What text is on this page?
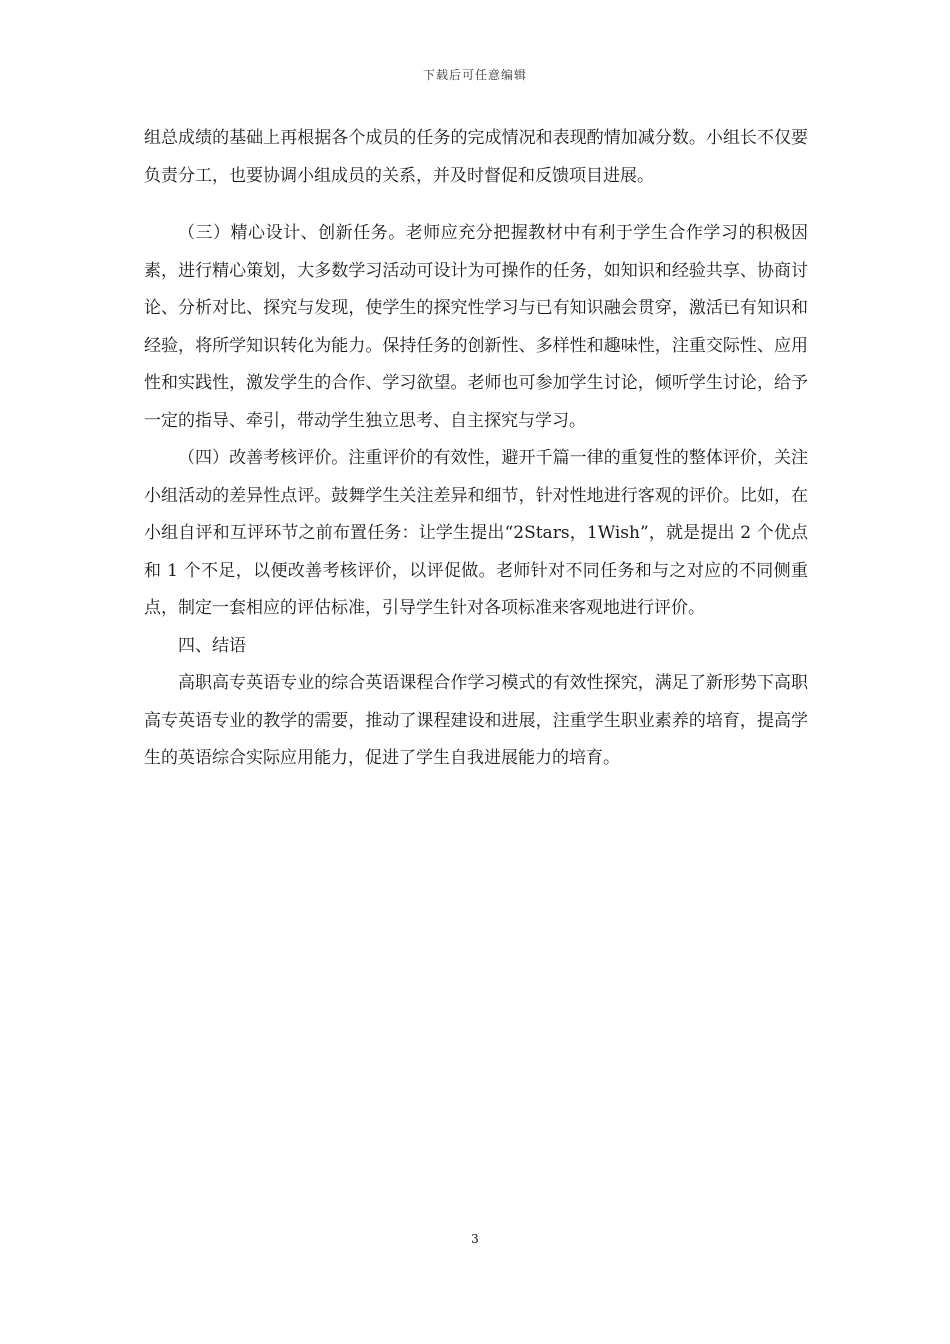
下载后可任意编辑

组总成绩的基础上再根据各个成员的任务的完成情况和表现酌情加减分数。小组长不仅要负责分工，也要协调小组成员的关系，并及时督促和反馈项目进展。

（三）精心设计、创新任务。老师应充分把握教材中有利于学生合作学习的积极因素，进行精心策划，大多数学习活动可设计为可操作的任务，如知识和经验共享、协商讨论、分析对比、探究与发现，使学生的探究性学习与已有知识融会贯穿，激活已有知识和经验，将所学知识转化为能力。保持任务的创新性、多样性和趣味性，注重交际性、应用性和实践性，激发学生的合作、学习欲望。老师也可参加学生讨论，倾听学生讨论，给予一定的指导、牵引，带动学生独立思考、自主探究与学习。

（四）改善考核评价。注重评价的有效性，避开千篇一律的重复性的整体评价，关注小组活动的差异性点评。鼓舞学生关注差异和细节，针对性地进行客观的评价。比如，在小组自评和互评环节之前布置任务：让学生提出“2Stars，1Wish”，就是提出 2 个优点和 1 个不足，以便改善考核评价，以评促做。老师针对不同任务和与之对应的不同侧重点，制定一套相应的评估标准，引导学生针对各项标准来客观地进行评价。

四、结语

高职高专英语专业的综合英语课程合作学习模式的有效性探究，满足了新形势下高职高专英语专业的教学的需要，推动了课程建设和进展，注重学生职业素养的培育，提高学生的英语综合实际应用能力，促进了学生自我进展能力的培育。

3
